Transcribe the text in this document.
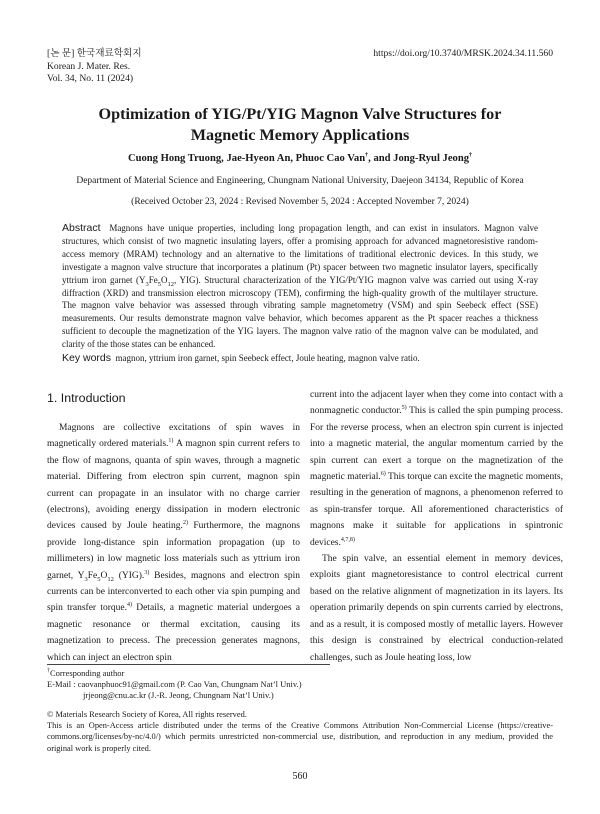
[논 문] 한국재료학회지
Korean J. Mater. Res.
Vol. 34, No. 11 (2024)
https://doi.org/10.3740/MRSK.2024.34.11.560
Optimization of YIG/Pt/YIG Magnon Valve Structures for
Magnetic Memory Applications
Cuong Hong Truong, Jae-Hyeon An, Phuoc Cao Van†, and Jong-Ryul Jeong†
Department of Material Science and Engineering, Chungnam National University, Daejeon 34134, Republic of Korea
(Received October 23, 2024 : Revised November 5, 2024 : Accepted November 7, 2024)
Abstract Magnons have unique properties, including long propagation length, and can exist in insulators. Magnon valve structures, which consist of two magnetic insulating layers, offer a promising approach for advanced magnetoresistive random-access memory (MRAM) technology and an alternative to the limitations of traditional electronic devices. In this study, we investigate a magnon valve structure that incorporates a platinum (Pt) spacer between two magnetic insulator layers, specifically yttrium iron garnet ($Y_3Fe_5O_{12}$, YIG). Structural characterization of the YIG/Pt/YIG magnon valve was carried out using X-ray diffraction (XRD) and transmission electron microscopy (TEM), confirming the high-quality growth of the multilayer structure. The magnon valve behavior was assessed through vibrating sample magnetometry (VSM) and spin Seebeck effect (SSE) measurements. Our results demonstrate magnon valve behavior, which becomes apparent as the Pt spacer reaches a thickness sufficient to decouple the magnetization of the YIG layers. The magnon valve ratio of the magnon valve can be modulated, and clarity of the those states can be enhanced.
Key words magnon, yttrium iron garnet, spin Seebeck effect, Joule heating, magnon valve ratio.
1. Introduction

Magnons are collective excitations of spin waves in magnetically ordered materials.$^{1)}$ A magnon spin current refers to the flow of magnons, quanta of spin waves, through a magnetic material. Differing from electron spin current, magnon spin current can propagate in an insulator with no charge carrier (electrons), avoiding energy dissipation in modern electronic devices caused by Joule heating.$^{2)}$ Furthermore, the magnons provide long-distance spin information propagation (up to millimeters) in low magnetic loss materials such as yttrium iron garnet, $Y_3Fe_5O_{12}$ (YIG).$^{3)}$ Besides, magnons and electron spin currents can be interconverted to each other via spin pumping and spin transfer torque.$^{4)}$ Details, a magnetic material undergoes a magnetic resonance or thermal excitation, causing its magnetization to precess. The precession generates magnons, which can inject an electron spin

current into the adjacent layer when they come into contact with a nonmagnetic conductor.$^{5)}$ This is called the spin pumping process. For the reverse process, when an electron spin current is injected into a magnetic material, the angular momentum carried by the spin current can exert a torque on the magnetization of the magnetic material.$^{6)}$ This torque can excite the magnetic moments, resulting in the generation of magnons, a phenomenon referred to as spin-transfer torque. All aforementioned characteristics of magnons make it suitable for applications in spintronic devices.$^{4,7,8)}$

The spin valve, an essential element in memory devices, exploits giant magnetoresistance to control electrical current based on the relative alignment of magnetization in its layers. Its operation primarily depends on spin currents carried by electrons, and as a result, it is composed mostly of metallic layers. However this design is constrained by electrical conduction-related challenges, such as Joule heating loss, low

†Corresponding author
E-Mail : caovanphuoc91@gmail.com (P. Cao Van, Chungnam Nat’l Univ.)
jrjeong@cnu.ac.kr (J.-R. Jeong, Chungnam Nat’l Univ.)
© Materials Research Society of Korea, All rights reserved.
This is an Open-Access article distributed under the terms of the Creative Commons Attribution Non-Commercial License (https://creative-commons.org/licenses/by-nc/4.0/) which permits unrestricted non-commercial use, distribution, and reproduction in any medium, provided the original work is properly cited.
560
